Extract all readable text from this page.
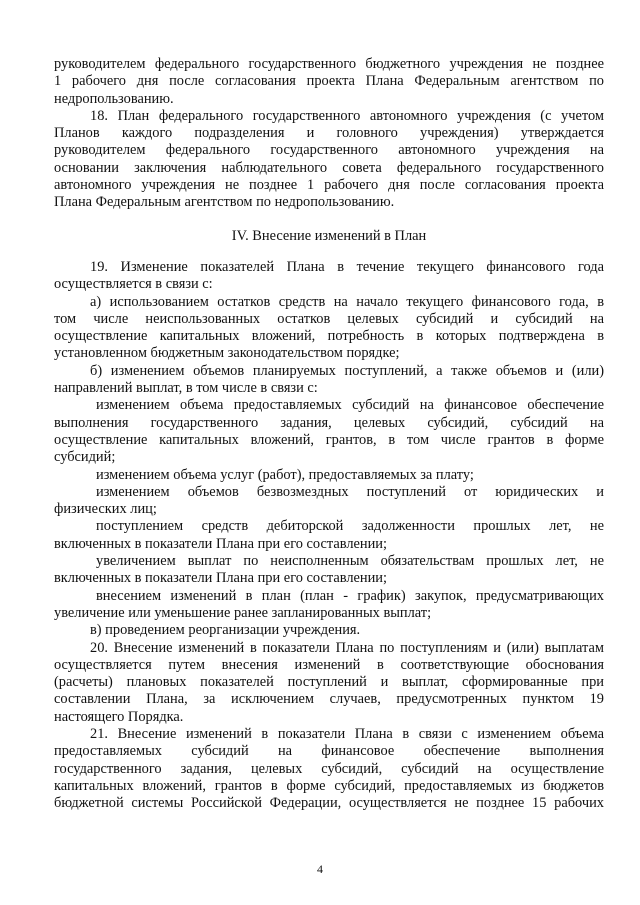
руководителем федерального государственного бюджетного учреждения не позднее
1 рабочего дня после согласования проекта Плана Федеральным агентством по
недропользованию.
18. План федерального государственного автономного учреждения (с учетом
Планов каждого подразделения и головного учреждения) утверждается
руководителем федерального государственного автономного учреждения на
основании заключения наблюдательного совета федерального государственного
автономного учреждения не позднее 1 рабочего дня после согласования проекта
Плана Федеральным агентством по недропользованию.
IV. Внесение изменений в План
19. Изменение показателей Плана в течение текущего финансового года
осуществляется в связи с:
а) использованием остатков средств на начало текущего финансового года, в
том числе неиспользованных остатков целевых субсидий и субсидий на
осуществление капитальных вложений, потребность в которых подтверждена в
установленном бюджетным законодательством порядке;
б) изменением объемов планируемых поступлений, а также объемов и (или)
направлений выплат, в том числе в связи с:
изменением объема предоставляемых субсидий на финансовое обеспечение
выполнения государственного задания, целевых субсидий, субсидий на
осуществление капитальных вложений, грантов, в том числе грантов в форме
субсидий;
изменением объема услуг (работ), предоставляемых за плату;
изменением объемов безвозмездных поступлений от юридических и
физических лиц;
поступлением средств дебиторской задолженности прошлых лет, не
включенных в показатели Плана при его составлении;
увеличением выплат по неисполненным обязательствам прошлых лет, не
включенных в показатели Плана при его составлении;
внесением изменений в план (план - график) закупок, предусматривающих
увеличение или уменьшение ранее запланированных выплат;
в) проведением реорганизации учреждения.
20. Внесение изменений в показатели Плана по поступлениям и (или) выплатам
осуществляется путем внесения изменений в соответствующие обоснования
(расчеты) плановых показателей поступлений и выплат, сформированные при
составлении Плана, за исключением случаев, предусмотренных пунктом 19
настоящего Порядка.
21. Внесение изменений в показатели Плана в связи с изменением объема
предоставляемых субсидий на финансовое обеспечение выполнения
государственного задания, целевых субсидий, субсидий на осуществление
капитальных вложений, грантов в форме субсидий, предоставляемых из бюджетов
бюджетной системы Российской Федерации, осуществляется не позднее 15 рабочих
4
